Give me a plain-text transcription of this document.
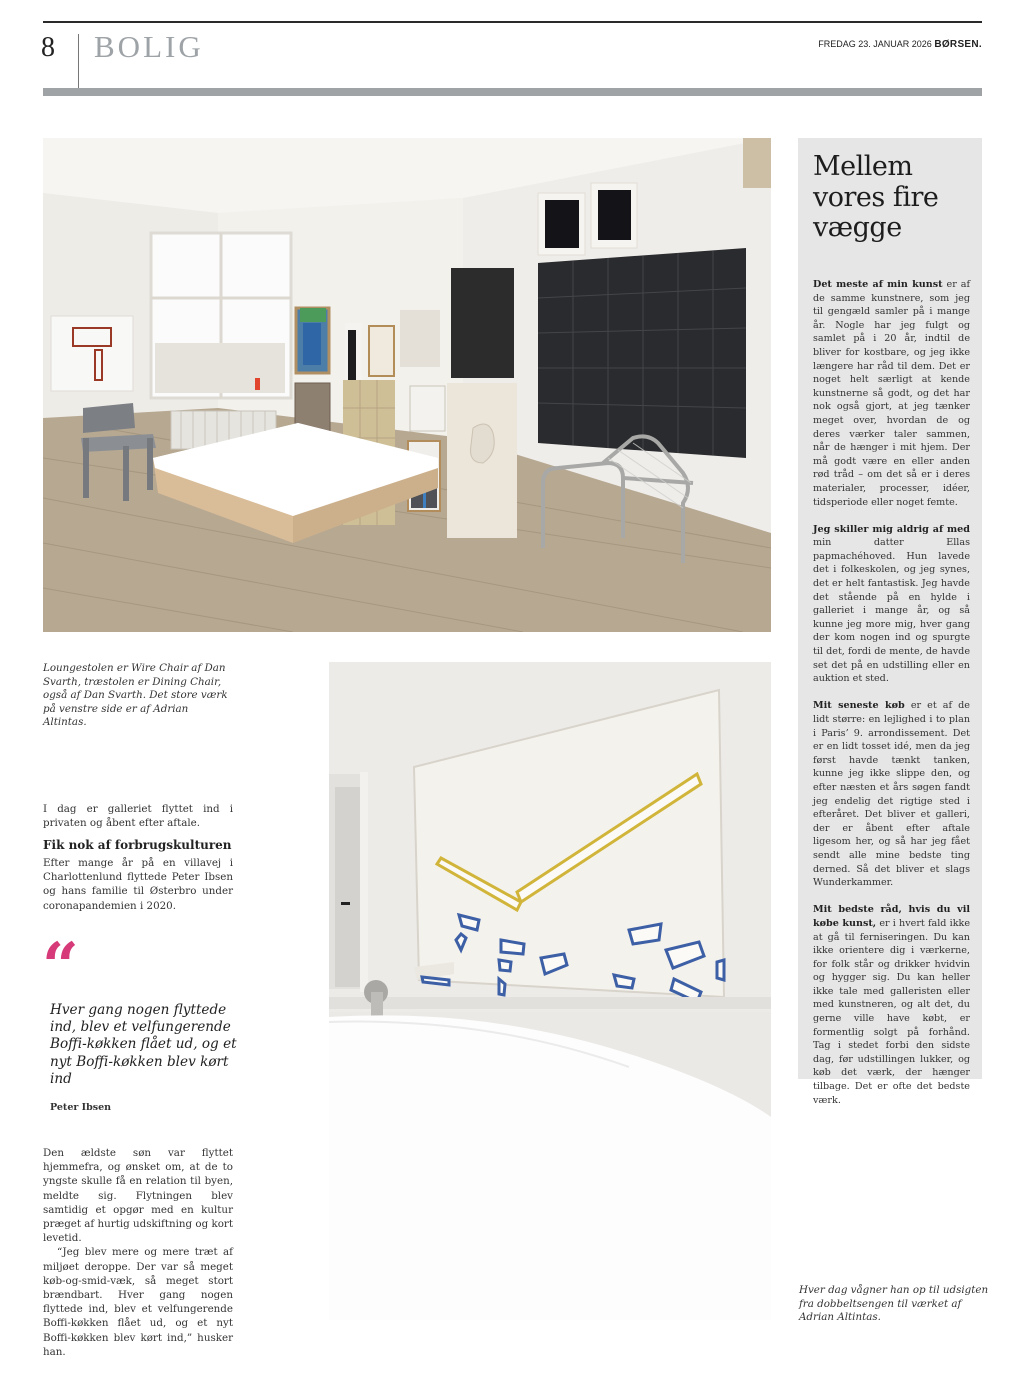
8 BOLIG	FREDAG 23. JANUAR 2026 BØRSEN.
Loungestolen er Wire Chair af Dan Svarth, træstolen er Dining Chair, også af Dan Svarth. Det store værk på venstre side er af Adrian Altintas.
I dag er galleriet flyttet ind i privaten og åbent efter aftale.
Fik nok af forbrugskulturen
Efter mange år på en villavej i Charlottenlund flyttede Peter Ibsen og hans familie til Østerbro under coronapandemien i 2020.
“
Hver gang nogen flyttede ind, blev et velfungerende Boffi-køkken flået ud, og et nyt Boffi-køkken blev kørt ind
Peter Ibsen

Den ældste søn var flyttet hjemmefra, og ønsket om, at de to yngste skulle få en relation til byen, meldte sig. Flytningen blev samtidig et opgør med en kultur præget af hurtig udskiftning og kort levetid.

“Jeg blev mere og mere træt af miljøet deroppe. Der var så meget køb-og-smid-væk, så meget stort brændbart. Hver gang nogen flyttede ind, blev et velfungerende Boffi-køkken flået ud, og et nyt Boffi-køkken blev kørt ind,” husker han.

Hver dag vågner han op til udsigten fra dobbeltsengen til værket af Adrian Altintas.
Mellem vores fire vægge

Det meste af min kunst er af de samme kunstnere, som jeg til gengæld samler på i mange år. Nogle har jeg fulgt og samlet på i 20 år, indtil de bliver for kostbare, og jeg ikke længere har råd til dem. Det er noget helt særligt at kende kunstnerne så godt, og det har nok også gjort, at jeg tænker meget over, hvordan de og deres værker taler sammen, når de hænger i mit hjem. Der må godt være en eller anden rød tråd – om det så er i deres materialer, processer, idéer, tidsperiode eller noget femte.

Jeg skiller mig aldrig af med min datter Ellas papmachéhoved. Hun lavede det i folkeskolen, og jeg synes, det er helt fantastisk. Jeg havde det stående på en hylde i galleriet i mange år, og så kunne jeg more mig, hver gang der kom nogen ind og spurgte til det, fordi de mente, de havde set det på en udstilling eller en auktion et sted.

Mit seneste køb er et af de lidt større: en lejlighed i to plan i Paris’ 9. arrondissement. Det er en lidt tosset idé, men da jeg først havde tænkt tanken, kunne jeg ikke slippe den, og efter næsten et års søgen fandt jeg endelig det rigtige sted i efteråret. Det bliver et galleri, der er åbent efter aftale ligesom her, og så har jeg fået sendt alle mine bedste ting derned. Så det bliver et slags Wunderkammer.

Mit bedste råd, hvis du vil købe kunst, er i hvert fald ikke at gå til ferniseringen. Du kan ikke orientere dig i værkerne, for folk står og drikker hvidvin og hygger sig. Du kan heller ikke tale med galleristen eller med kunstneren, og alt det, du gerne ville have købt, er formentlig solgt på forhånd. Tag i stedet forbi den sidste dag, før udstillingen lukker, og køb det værk, der hænger tilbage. Det er ofte det bedste værk.
